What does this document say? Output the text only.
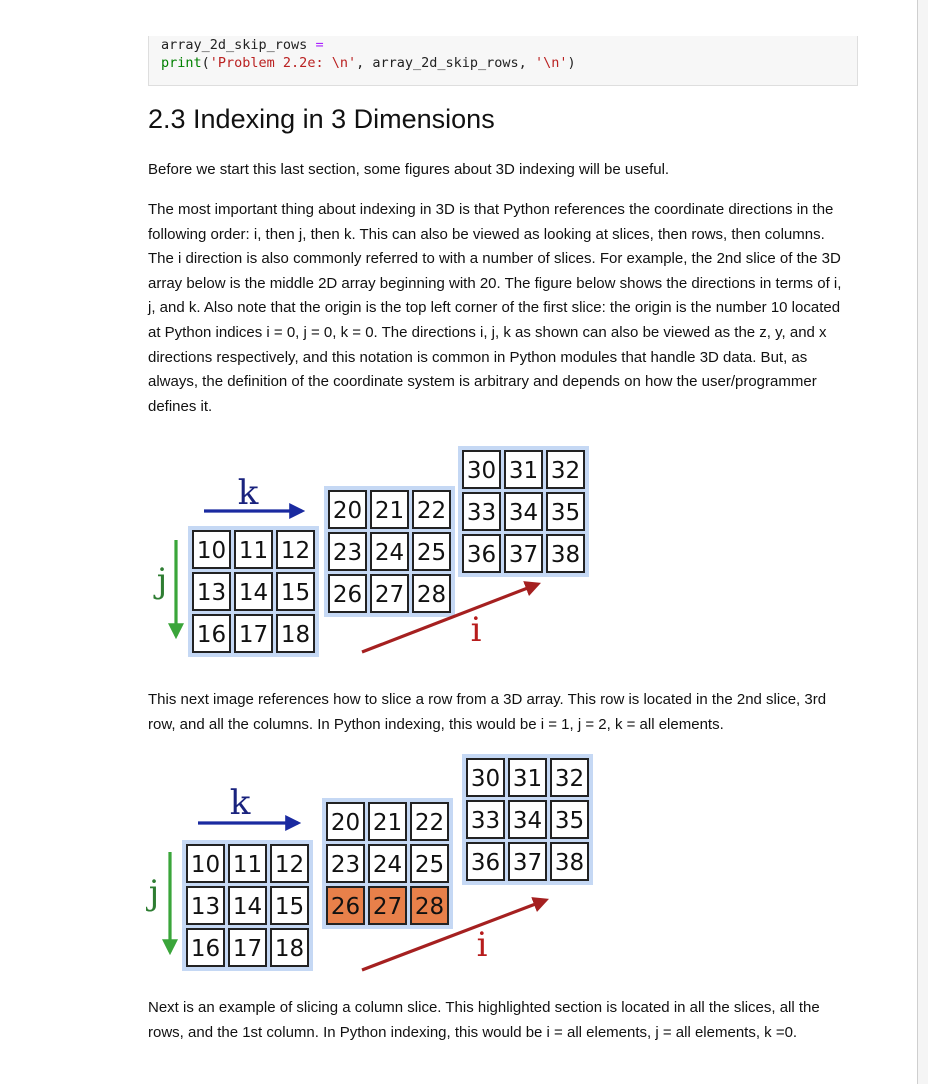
array_2d_skip_rows =
print('Problem 2.2e: \n', array_2d_skip_rows, '\n')
2.3 Indexing in 3 Dimensions

Before we start this last section, some figures about 3D indexing will be useful.

The most important thing about indexing in 3D is that Python references the coordinate directions in the following order: i, then j, then k. This can also be viewed as looking at slices, then rows, then columns. The i direction is also commonly referred to with a number of slices. For example, the 2nd slice of the 3D array below is the middle 2D array beginning with 20. The figure below shows the directions in terms of i, j, and k. Also note that the origin is the top left corner of the first slice: the origin is the number 10 located at Python indices i = 0, j = 0, k = 0. The directions i, j, k as shown can also be viewed as the z, y, and x directions respectively, and this notation is common in Python modules that handle 3D data. But, as always, the definition of the coordinate system is arbitrary and depends on how the user/programmer defines it.

30 31 32
33 34 35
36 37 38
20 21 22
23 24 25
26 27 28
10 11 12
13 14 15
16 17 18
k
j
i

This next image references how to slice a row from a 3D array. This row is located in the 2nd slice, 3rd row, and all the columns. In Python indexing, this would be i = 1, j = 2, k = all elements.

30 31 32
33 34 35
36 37 38
20 21 22
23 24 25
26 27 28
10 11 12
13 14 15
16 17 18
k
j
i

Next is an example of slicing a column slice. This highlighted section is located in all the slices, all the rows, and the 1st column. In Python indexing, this would be i = all elements, j = all elements, k =0.
